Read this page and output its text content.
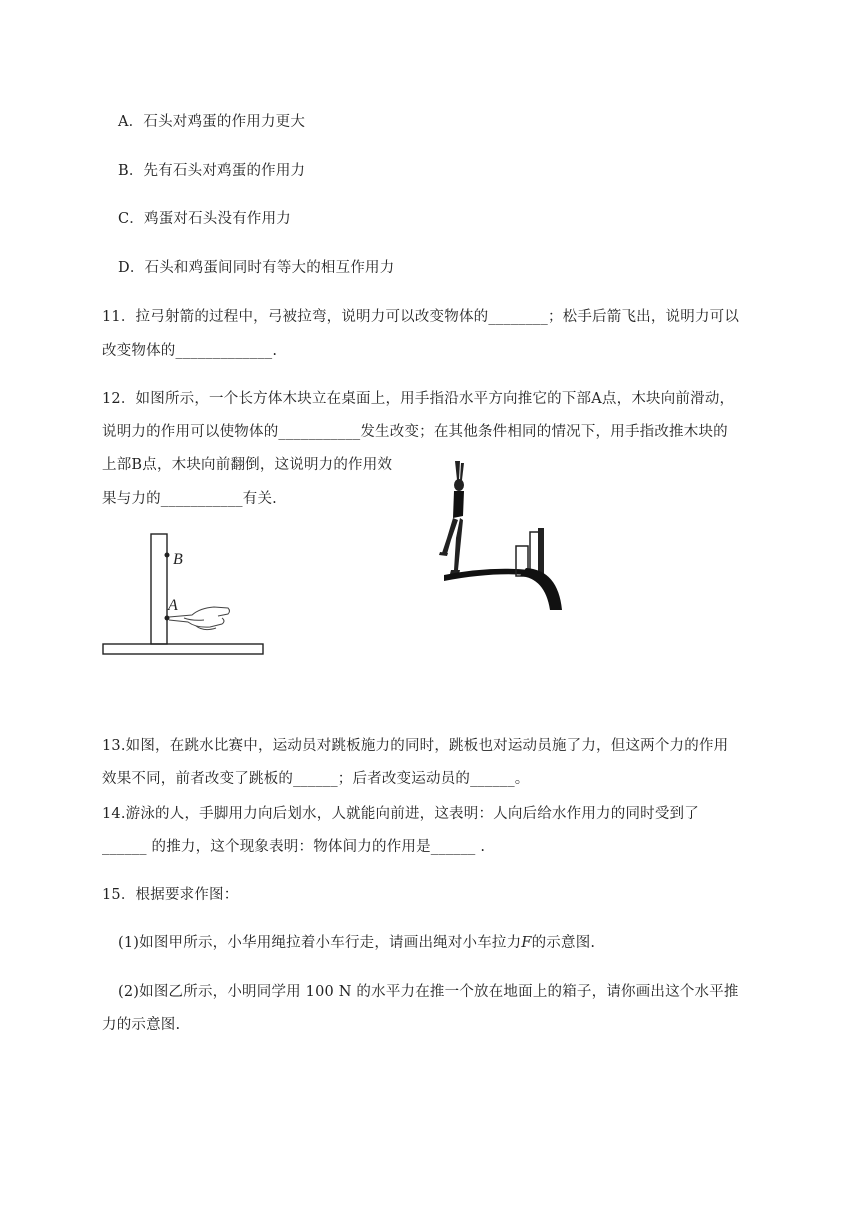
A．石头对鸡蛋的作用力更大
B．先有石头对鸡蛋的作用力
C．鸡蛋对石头没有作用力
D．石头和鸡蛋间同时有等大的相互作用力
11．拉弓射箭的过程中，弓被拉弯，说明力可以改变物体的________；松手后箭飞出，说明力可以
改变物体的_____________.
12．如图所示，一个长方体木块立在桌面上，用手指沿水平方向推它的下部A点，木块向前滑动，
说明力的作用可以使物体的___________发生改变；在其他条件相同的情况下，用手指改推木块的
上部B点，木块向前翻倒，这说明力的作用效
果与力的___________有关.
B
A
13.如图，在跳水比赛中，运动员对跳板施力的同时，跳板也对运动员施了力，但这两个力的作用
效果不同，前者改变了跳板的______；后者改变运动员的______。
14.游泳的人，手脚用力向后划水，人就能向前进，这表明：人向后给水作用力的同时受到了
______ 的推力，这个现象表明：物体间力的作用是______ .
15．根据要求作图：
(1)如图甲所示，小华用绳拉着小车行走，请画出绳对小车拉力F的示意图.
(2)如图乙所示，小明同学用 100 N 的水平力在推一个放在地面上的箱子，请你画出这个水平推
力的示意图.
